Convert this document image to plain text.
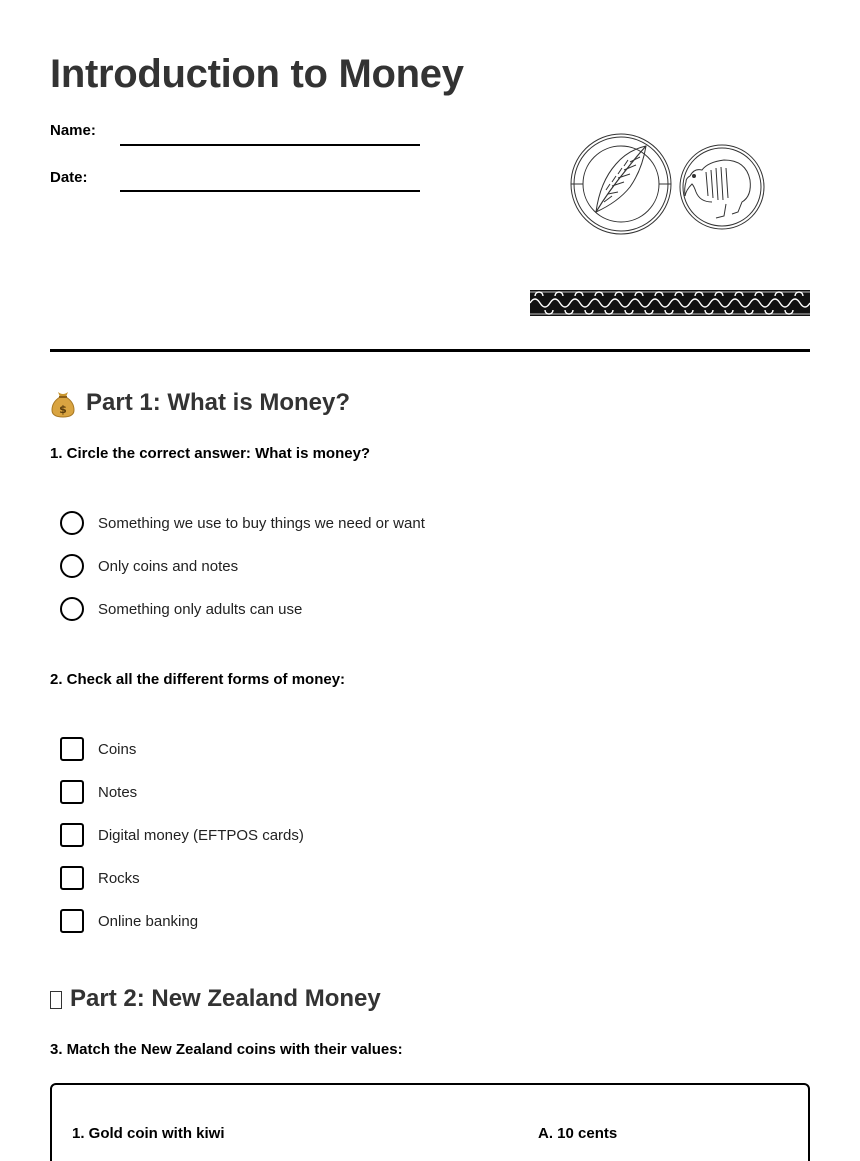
Introduction to Money
Name:
Date:
$ Part 1: What is Money?
1. Circle the correct answer: What is money?
Something we use to buy things we need or want
Only coins and notes
Something only adults can use
2. Check all the different forms of money:
Coins
Notes
Digital money (EFTPOS cards)
Rocks
Online banking
Part 2: New Zealand Money
3. Match the New Zealand coins with their values:
1. Gold coin with kiwi	A. 10 cents
